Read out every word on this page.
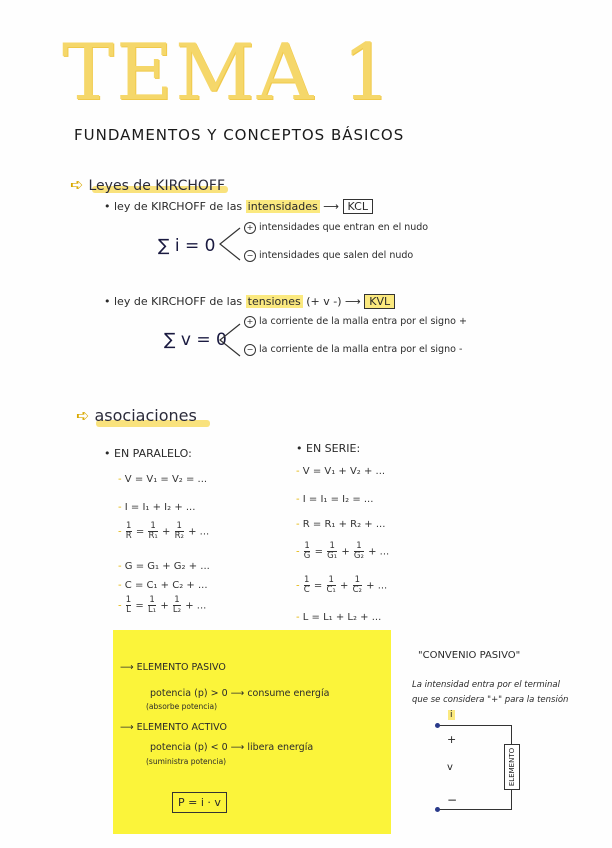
TEMA 1
FUNDAMENTOS Y CONCEPTOS BÁSICOS
➪ Leyes de KIRCHOFF
• ley de KIRCHOFF de las intensidades ⟶ KCL
∑ i = 0
+ intensidades que entran en el nudo
− intensidades que salen del nudo
• ley de KIRCHOFF de las tensiones (+ v -) ⟶ KVL
∑ v = 0
+ la corriente de la malla entra por el signo +
− la corriente de la malla entra por el signo -
➪ asociaciones
• EN PARALELO:
- V = V₁ = V₂ = ...
- I = I₁ + I₂ + ...
- $\frac{1}{R} = \frac{1}{\text{R₁}} + \frac{1}{\text{R₂}}$ + ...
- G = G₁ + G₂ + ...
- C = C₁ + C₂ + ...
- $\frac{1}{L} = \frac{1}{\text{L₁}} + \frac{1}{\text{L₂}}$ + ...
• EN SERIE:
- V = V₁ + V₂ + ...
- I = I₁ = I₂ = ...
- R = R₁ + R₂ + ...
- $\frac{1}{G} = \frac{1}{\text{G₁}} + \frac{1}{\text{G₂}}$ + ...
- $\frac{1}{C} = \frac{1}{\text{C₁}} + \frac{1}{\text{C₂}}$ + ...
- L = L₁ + L₂ + ...
⟶ ELEMENTO PASIVO
potencia (p) > 0 ⟶ consume energía
(absorbe potencia)
⟶ ELEMENTO ACTIVO
potencia (p) < 0 ⟶ libera energía
(suministra potencia)
P = i · v
"CONVENIO PASIVO"
La intensidad entra por el terminal
que se considera "+" para la tensión
ELEMENTO
i
+
v
−
